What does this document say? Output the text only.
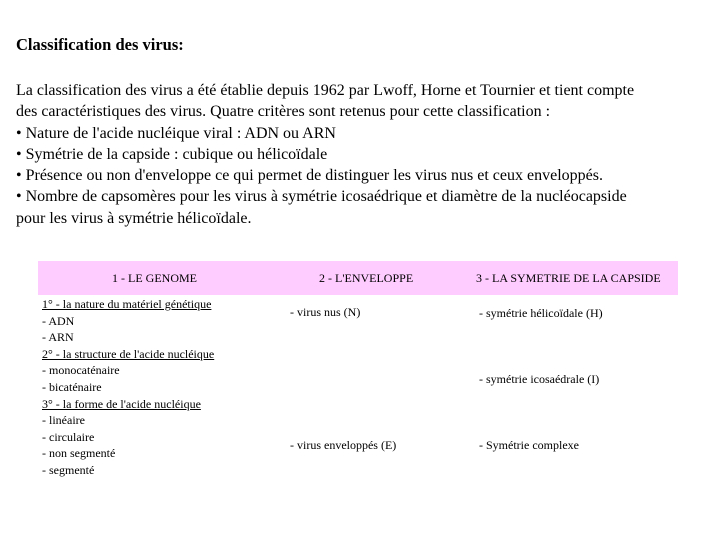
Classification des virus:
La classification des virus a été établie depuis 1962 par Lwoff, Horne et Tournier et tient compte
des caractéristiques des virus. Quatre critères sont retenus pour cette classification :
• Nature de l'acide nucléique viral : ADN ou ARN
• Symétrie de la capside : cubique ou hélicoïdale
• Présence ou non d'enveloppe ce qui permet de distinguer les virus nus et ceux enveloppés.
• Nombre de capsomères pour les virus à symétrie icosaédrique et diamètre de la nucléocapside
pour les virus à symétrie hélicoïdale.
1 - LE GENOME	2 - L'ENVELOPPE	3 - LA SYMETRIE DE LA CAPSIDE
1° - la nature du matériel génétique
- ADN
- ARN
2° - la structure de l'acide nucléique
- monocaténaire
- bicaténaire
3° - la forme de l'acide nucléique
- linéaire
- circulaire
- non segmenté
- segmenté
- virus nus (N)
- virus enveloppés (E)
- symétrie hélicoïdale (H)
- symétrie icosaédrale (I)
- Symétrie complexe
